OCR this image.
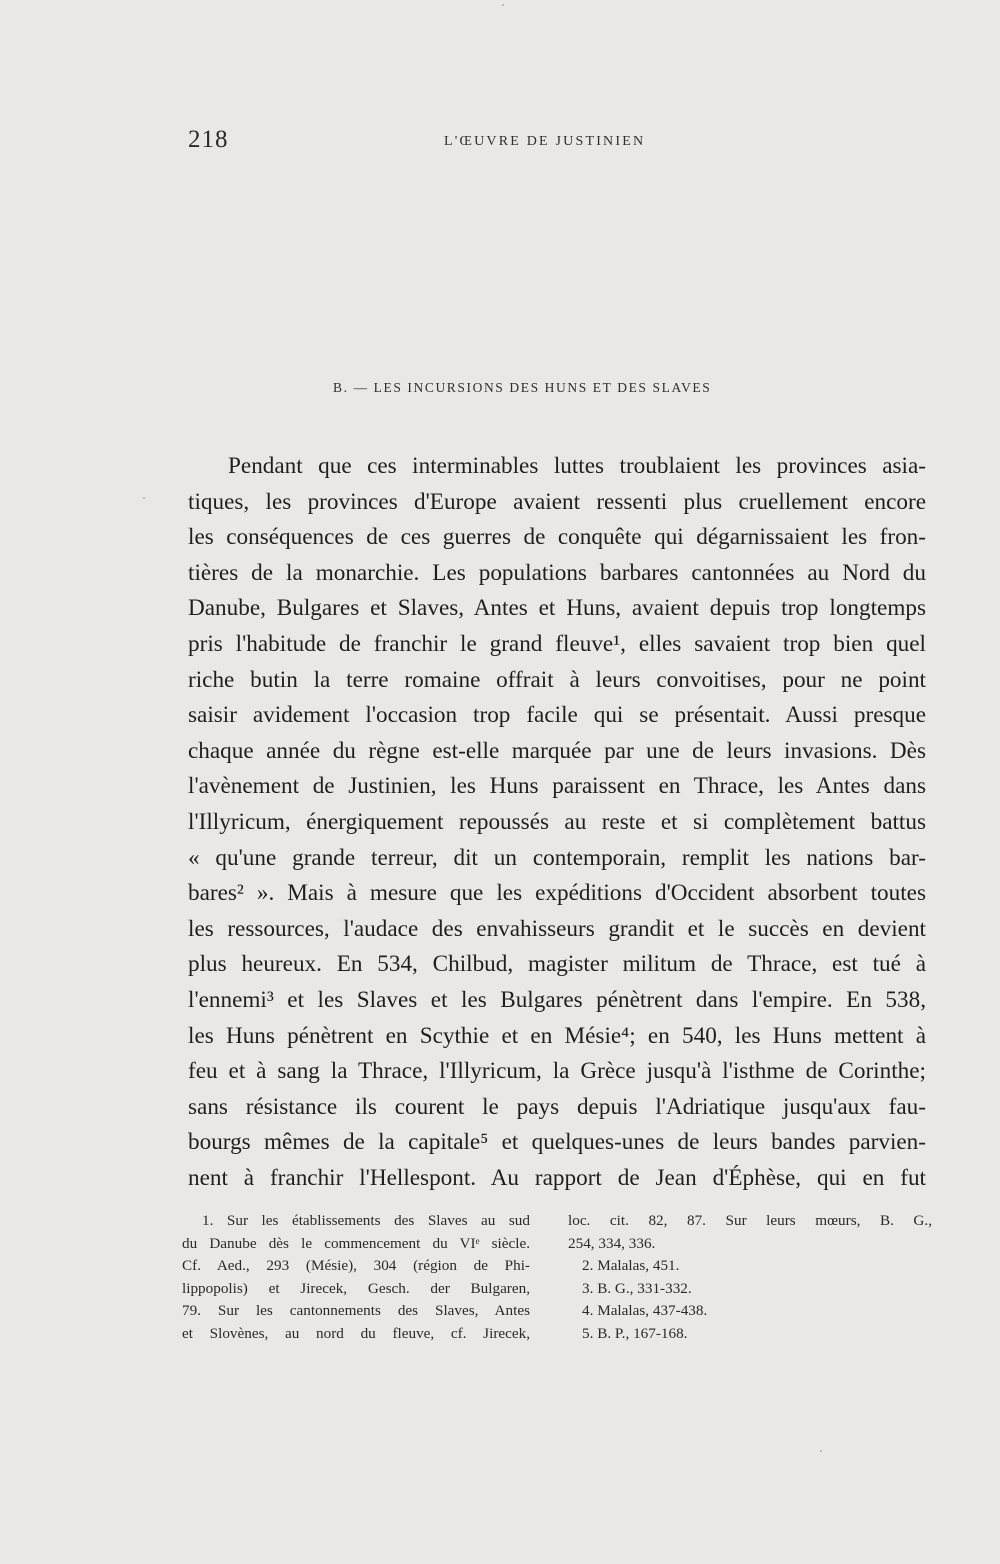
218	L'ŒUVRE DE JUSTINIEN
B. — LES INCURSIONS DES HUNS ET DES SLAVES
Pendant que ces interminables luttes troublaient les provinces asia-
tiques, les provinces d'Europe avaient ressenti plus cruellement encore
les conséquences de ces guerres de conquête qui dégarnissaient les fron-
tières de la monarchie. Les populations barbares cantonnées au Nord du
Danube, Bulgares et Slaves, Antes et Huns, avaient depuis trop longtemps
pris l'habitude de franchir le grand fleuve¹, elles savaient trop bien quel
riche butin la terre romaine offrait à leurs convoitises, pour ne point
saisir avidement l'occasion trop facile qui se présentait. Aussi presque
chaque année du règne est-elle marquée par une de leurs invasions. Dès
l'avènement de Justinien, les Huns paraissent en Thrace, les Antes dans
l'Illyricum, énergiquement repoussés au reste et si complètement battus
« qu'une grande terreur, dit un contemporain, remplit les nations bar-
bares² ». Mais à mesure que les expéditions d'Occident absorbent toutes
les ressources, l'audace des envahisseurs grandit et le succès en devient
plus heureux. En 534, Chilbud, magister militum de Thrace, est tué à
l'ennemi³ et les Slaves et les Bulgares pénètrent dans l'empire. En 538,
les Huns pénètrent en Scythie et en Mésie⁴; en 540, les Huns mettent à
feu et à sang la Thrace, l'Illyricum, la Grèce jusqu'à l'isthme de Corinthe;
sans résistance ils courent le pays depuis l'Adriatique jusqu'aux fau-
bourgs mêmes de la capitale⁵ et quelques-unes de leurs bandes parvien-
nent à franchir l'Hellespont. Au rapport de Jean d'Éphèse, qui en fut
1. Sur les établissements des Slaves au sud
du Danube dès le commencement du VIᵉ siècle.
Cf. Aed., 293 (Mésie), 304 (région de Phi-
lippopolis) et Jirecek, Gesch. der Bulgaren,
79. Sur les cantonnements des Slaves, Antes
et Slovènes, au nord du fleuve, cf. Jirecek,
loc. cit. 82, 87. Sur leurs mœurs, B. G.,
254, 334, 336.
2. Malalas, 451.
3. B. G., 331-332.
4. Malalas, 437-438.
5. B. P., 167-168.
